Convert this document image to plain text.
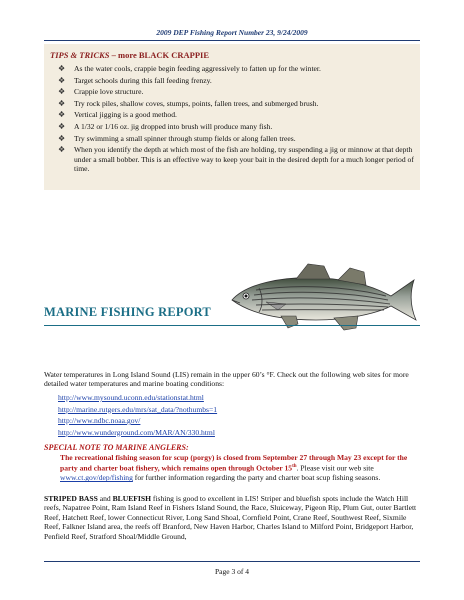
2009 DEP Fishing Report Number 23, 9/24/2009
TIPS & TRICKS – more BLACK CRAPPIE
❖ As the water cools, crappie begin feeding aggressively to fatten up for the winter.
❖ Target schools during this fall feeding frenzy.
❖ Crappie love structure.
❖ Try rock piles, shallow coves, stumps, points, fallen trees, and submerged brush.
❖ Vertical jigging is a good method.
❖ A 1/32 or 1/16 oz. jig dropped into brush will produce many fish.
❖ Try swimming a small spinner through stump fields or along fallen trees.
❖ When you identify the depth at which most of the fish are holding, try suspending a jig or minnow at that depth under a small bobber. This is an effective way to keep your bait in the desired depth for a much longer period of time.
MARINE FISHING REPORT
Water temperatures in Long Island Sound (LIS) remain in the upper 60’s °F. Check out the following web sites for more detailed water temperatures and marine boating conditions:
http://www.mysound.uconn.edu/stationstat.html
http://marine.rutgers.edu/mrs/sat_data/?nothumbs=1
http://www.ndbc.noaa.gov/
http://www.wunderground.com/MAR/AN/330.html
SPECIAL NOTE TO MARINE ANGLERS:
The recreational fishing season for scup (porgy) is closed from September 27 through May 23 except for the party and charter boat fishery, which remains open through October 15th. Please visit our web site www.ct.gov/dep/fishing for further information regarding the party and charter boat scup fishing seasons.
STRIPED BASS and BLUEFISH fishing is good to excellent in LIS! Striper and bluefish spots include the Watch Hill reefs, Napatree Point, Ram Island Reef in Fishers Island Sound, the Race, Sluiceway, Pigeon Rip, Plum Gut, outer Bartlett Reef, Hatchett Reef, lower Connecticut River, Long Sand Shoal, Cornfield Point, Crane Reef, Southwest Reef, Sixmile Reef, Falkner Island area, the reefs off Branford, New Haven Harbor, Charles Island to Milford Point, Bridgeport Harbor, Penfield Reef, Stratford Shoal/Middle Ground,
Page 3 of 4
